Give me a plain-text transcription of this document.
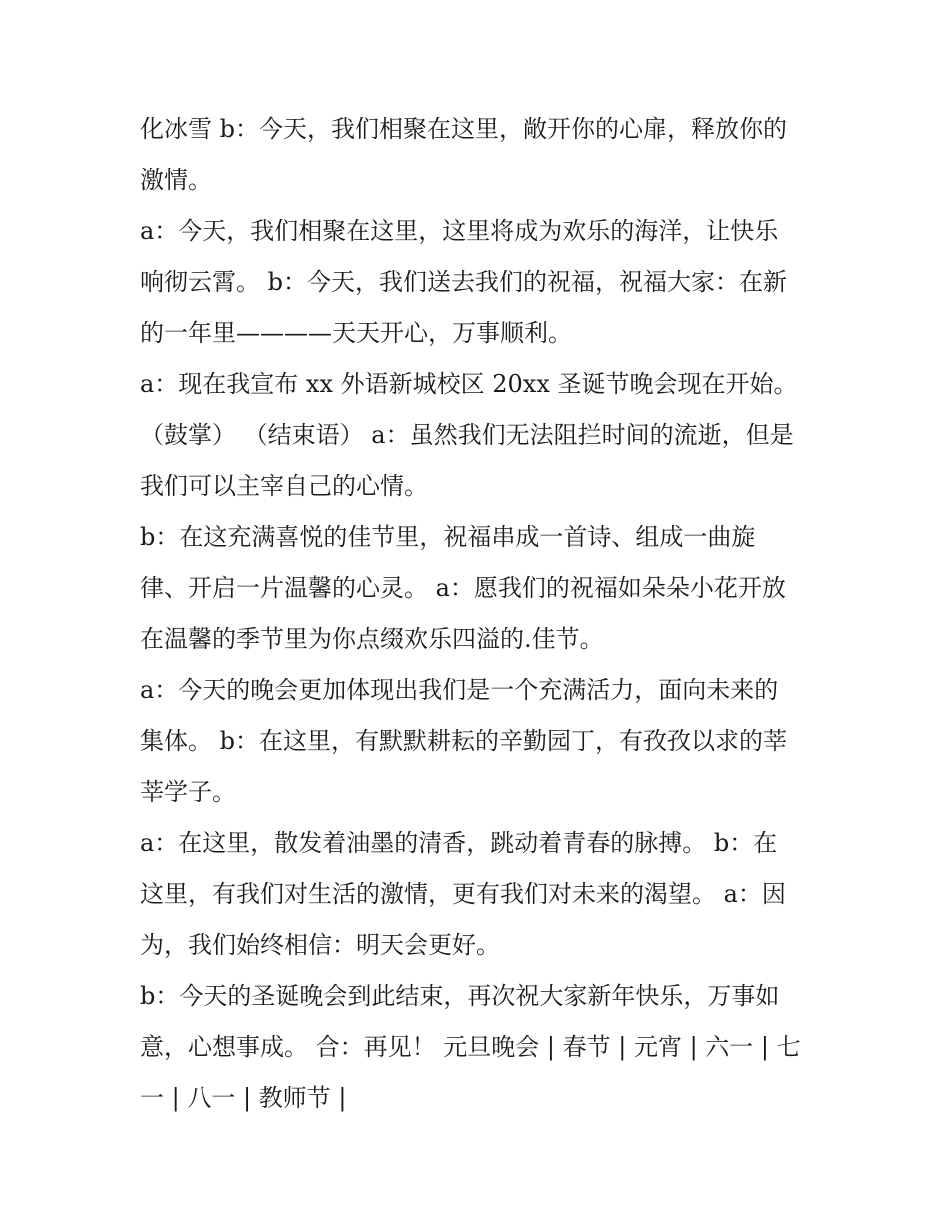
化冰雪 b：今天，我们相聚在这里，敞开你的心扉，释放你的
激情。
a：今天，我们相聚在这里，这里将成为欢乐的海洋，让快乐
响彻云霄。 b：今天，我们送去我们的祝福，祝福大家：在新
的一年里————天天开心，万事顺利。
a：现在我宣布 xx 外语新城校区 20xx 圣诞节晚会现在开始。
（鼓掌） （结束语） a：虽然我们无法阻拦时间的流逝，但是
我们可以主宰自己的心情。
b：在这充满喜悦的佳节里，祝福串成一首诗、组成一曲旋
律、开启一片温馨的心灵。 a：愿我们的祝福如朵朵小花开放
在温馨的季节里为你点缀欢乐四溢的.佳节。
a：今天的晚会更加体现出我们是一个充满活力，面向未来的
集体。 b：在这里，有默默耕耘的辛勤园丁，有孜孜以求的莘
莘学子。
a：在这里，散发着油墨的清香，跳动着青春的脉搏。 b：在
这里，有我们对生活的激情，更有我们对未来的渴望。 a：因
为，我们始终相信：明天会更好。
b：今天的圣诞晚会到此结束，再次祝大家新年快乐，万事如
意，心想事成。 合：再见！ 元旦晚会 | 春节 | 元宵 | 六一 | 七
一 | 八一 | 教师节 |
